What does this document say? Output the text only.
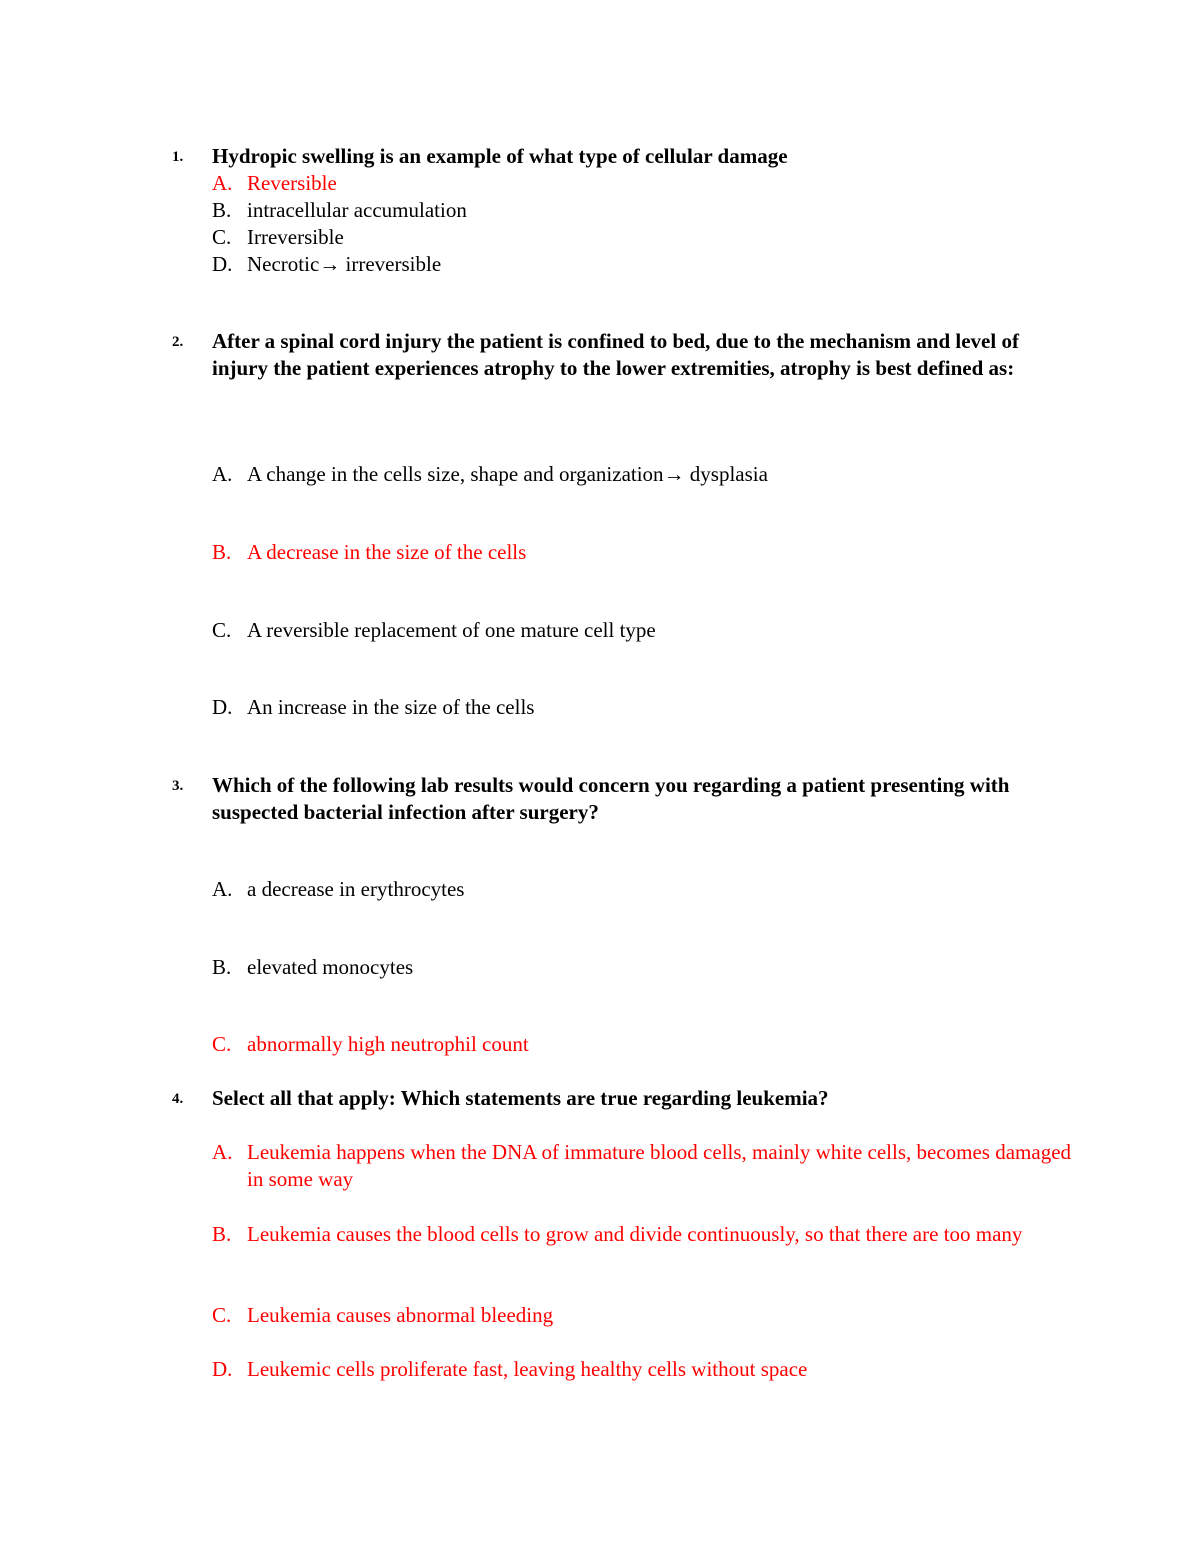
1. Hydropic swelling is an example of what type of cellular damage
A. Reversible
B. intracellular accumulation
C. Irreversible
D. Necrotic→ irreversible
2. After a spinal cord injury the patient is confined to bed, due to the mechanism and level of injury the patient experiences atrophy to the lower extremities, atrophy is best defined as:
A. A change in the cells size, shape and organization→ dysplasia
B. A decrease in the size of the cells
C. A reversible replacement of one mature cell type
D. An increase in the size of the cells
3. Which of the following lab results would concern you regarding a patient presenting with suspected bacterial infection after surgery?
A. a decrease in erythrocytes
B. elevated monocytes
C. abnormally high neutrophil count
4. Select all that apply: Which statements are true regarding leukemia?
A. Leukemia happens when the DNA of immature blood cells, mainly white cells, becomes damaged in some way
B. Leukemia causes the blood cells to grow and divide continuously, so that there are too many
C. Leukemia causes abnormal bleeding
D. Leukemic cells proliferate fast, leaving healthy cells without space
